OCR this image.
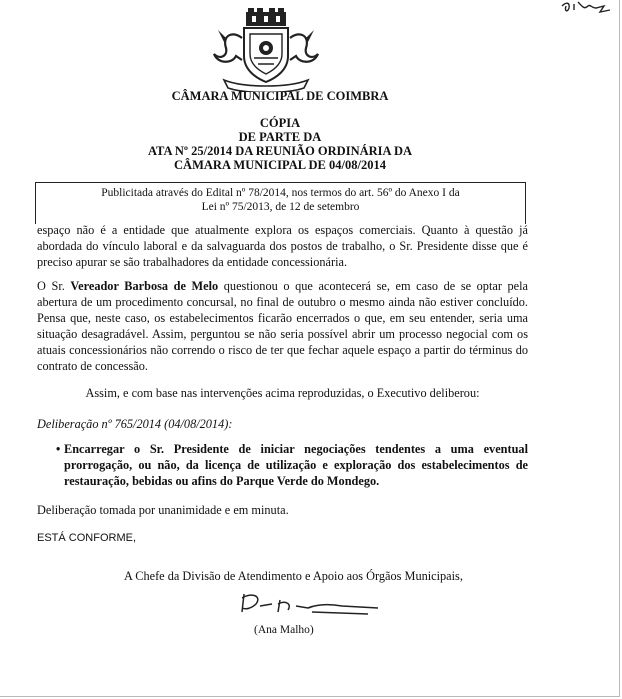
CÂMARA MUNICIPAL DE COIMBRA
CÓPIA
DE PARTE DA
ATA Nº 25/2014 DA REUNIÃO ORDINÁRIA DA
CÂMARA MUNICIPAL DE 04/08/2014
Publicitada através do Edital nº 78/2014, nos termos do art. 56º do Anexo I da
Lei nº 75/2013, de 12 de setembro

espaço não é a entidade que atualmente explora os espaços comerciais. Quanto à questão já abordada do vínculo laboral e da salvaguarda dos postos de trabalho, o Sr. Presidente disse que é preciso apurar se são trabalhadores da entidade concessionária.

O Sr. Vereador Barbosa de Melo questionou o que acontecerá se, em caso de se optar pela abertura de um procedimento concursal, no final de outubro o mesmo ainda não estiver concluído. Pensa que, neste caso, os estabelecimentos ficarão encerrados o que, em seu entender, seria uma situação desagradável. Assim, perguntou se não seria possível abrir um processo negocial com os atuais concessionários não correndo o risco de ter que fechar aquele espaço a partir do términus do contrato de concessão.

Assim, e com base nas intervenções acima reproduzidas, o Executivo deliberou:

Deliberação nº 765/2014 (04/08/2014):

• Encarregar o Sr. Presidente de iniciar negociações tendentes a uma eventual prorrogação, ou não, da licença de utilização e exploração dos estabelecimentos de restauração, bebidas ou afins do Parque Verde do Mondego.

Deliberação tomada por unanimidade e em minuta.

ESTÁ CONFORME,

A Chefe da Divisão de Atendimento e Apoio aos Órgãos Municipais,

(Ana Malho)
